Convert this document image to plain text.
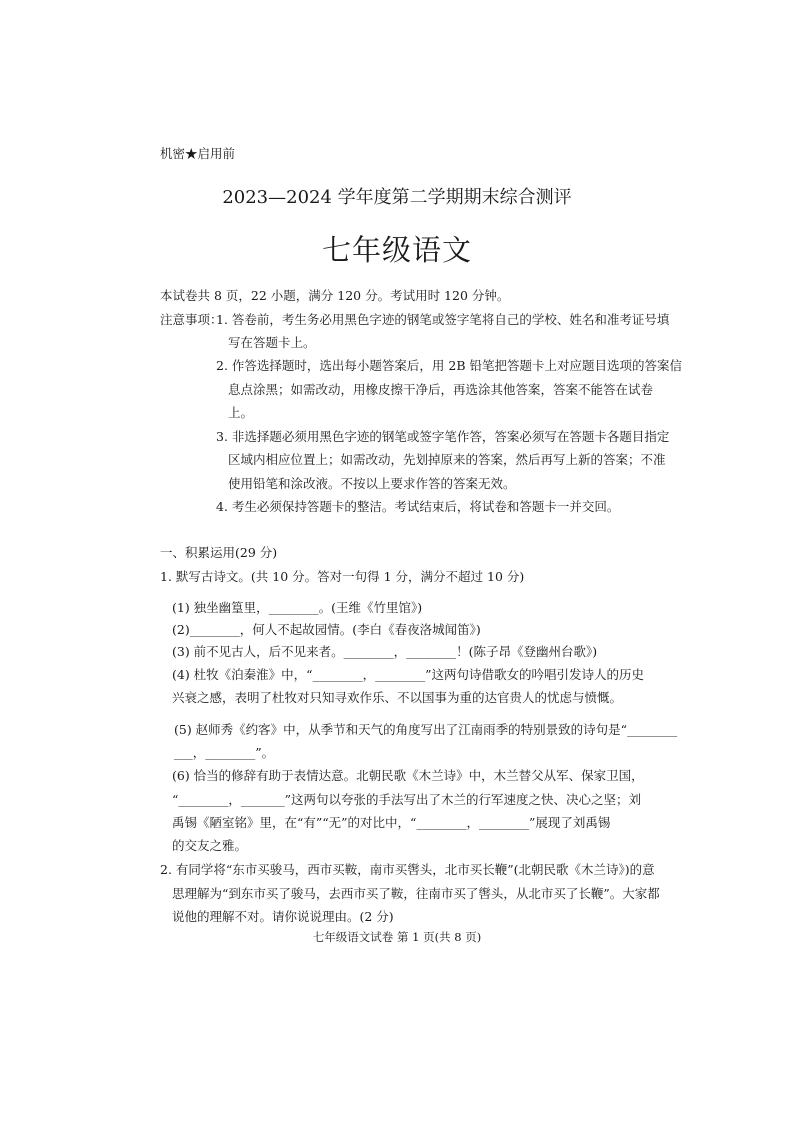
机密★启用前
2023—2024 学年度第二学期期末综合测评
七年级语文
本试卷共 8 页，22 小题，满分 120 分。考试用时 120 分钟。
注意事项：
1. 答卷前，考生务必用黑色字迹的钢笔或签字笔将自己的学校、姓名和准考证号填
写在答题卡上。
2. 作答选择题时，选出每小题答案后，用 2B 铅笔把答题卡上对应题目选项的答案信
息点涂黑；如需改动，用橡皮擦干净后，再选涂其他答案，答案不能答在试卷
上。
3. 非选择题必须用黑色字迹的钢笔或签字笔作答，答案必须写在答题卡各题目指定
区域内相应位置上；如需改动，先划掉原来的答案，然后再写上新的答案；不准
使用铅笔和涂改液。不按以上要求作答的答案无效。
4. 考生必须保持答题卡的整洁。考试结束后，将试卷和答题卡一并交回。
一、积累运用(29 分)
1. 默写古诗文。(共 10 分。答对一句得 1 分，满分不超过 10 分)
(1) 独坐幽篁里，________。(王维《竹里馆》)
(2)________，何人不起故园情。(李白《春夜洛城闻笛》)
(3) 前不见古人，后不见来者。________，________！(陈子昂《登幽州台歌》)
(4) 杜牧《泊秦淮》中，“________，________”这两句诗借歌女的吟唱引发诗人的历史
兴衰之感，表明了杜牧对只知寻欢作乐、不以国事为重的达官贵人的忧虑与愤慨。
(5) 赵师秀《约客》中，从季节和天气的角度写出了江南雨季的特别景致的诗句是“________
___，________”。
(6) 恰当的修辞有助于表情达意。北朝民歌《木兰诗》中，木兰替父从军、保家卫国，
“________，_______”这两句以夸张的手法写出了木兰的行军速度之快、决心之坚；刘
禹锡《陋室铭》里，在“有”“无”的对比中，“________，________”展现了刘禹锡
的交友之雅。
2. 有同学将“东市买骏马，西市买鞍，南市买辔头，北市买长鞭”(北朝民歌《木兰诗》)的意
思理解为“到东市买了骏马，去西市买了鞍，往南市买了辔头，从北市买了长鞭”。大家都
说他的理解不对。请你说说理由。(2 分)
七年级语文试卷 第 1 页(共 8 页)
